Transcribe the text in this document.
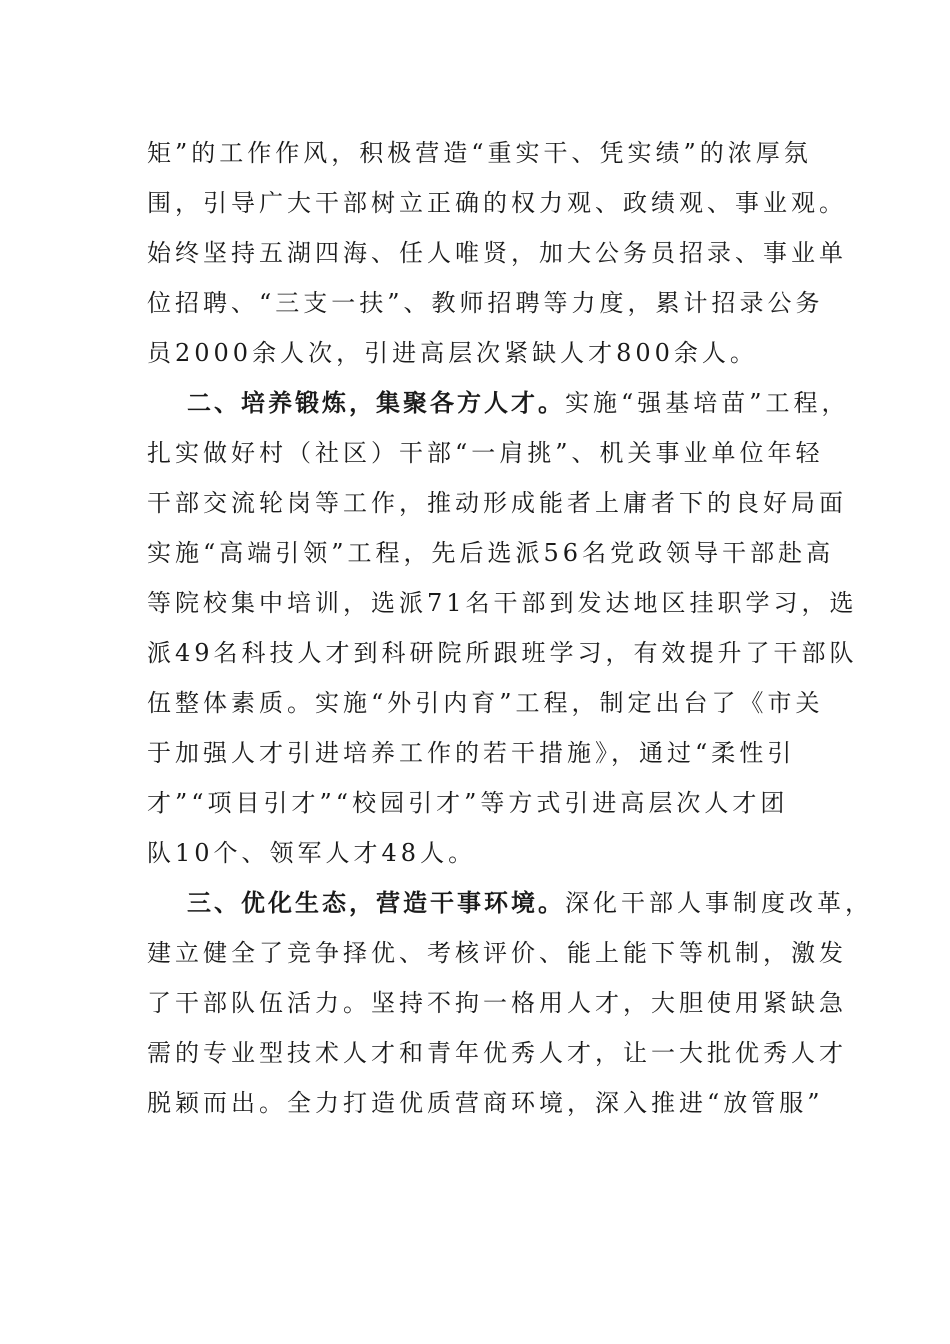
矩”的工作作风，积极营造“重实干、凭实绩”的浓厚氛
围，引导广大干部树立正确的权力观、政绩观、事业观。
始终坚持五湖四海、任人唯贤，加大公务员招录、事业单
位招聘、“三支一扶”、教师招聘等力度，累计招录公务
员2000余人次，引进高层次紧缺人才800余人。
二、培养锻炼，集聚各方人才。实施“强基培苗”工程，
扎实做好村（社区）干部“一肩挑”、机关事业单位年轻
干部交流轮岗等工作，推动形成能者上庸者下的良好局面
实施“高端引领”工程，先后选派56名党政领导干部赴高
等院校集中培训，选派71名干部到发达地区挂职学习，选
派49名科技人才到科研院所跟班学习，有效提升了干部队
伍整体素质。实施“外引内育”工程，制定出台了《市关
于加强人才引进培养工作的若干措施》，通过“柔性引
才”“项目引才”“校园引才”等方式引进高层次人才团
队10个、领军人才48人。
三、优化生态，营造干事环境。深化干部人事制度改革，
建立健全了竞争择优、考核评价、能上能下等机制，激发
了干部队伍活力。坚持不拘一格用人才，大胆使用紧缺急
需的专业型技术人才和青年优秀人才，让一大批优秀人才
脱颖而出。全力打造优质营商环境，深入推进“放管服”
